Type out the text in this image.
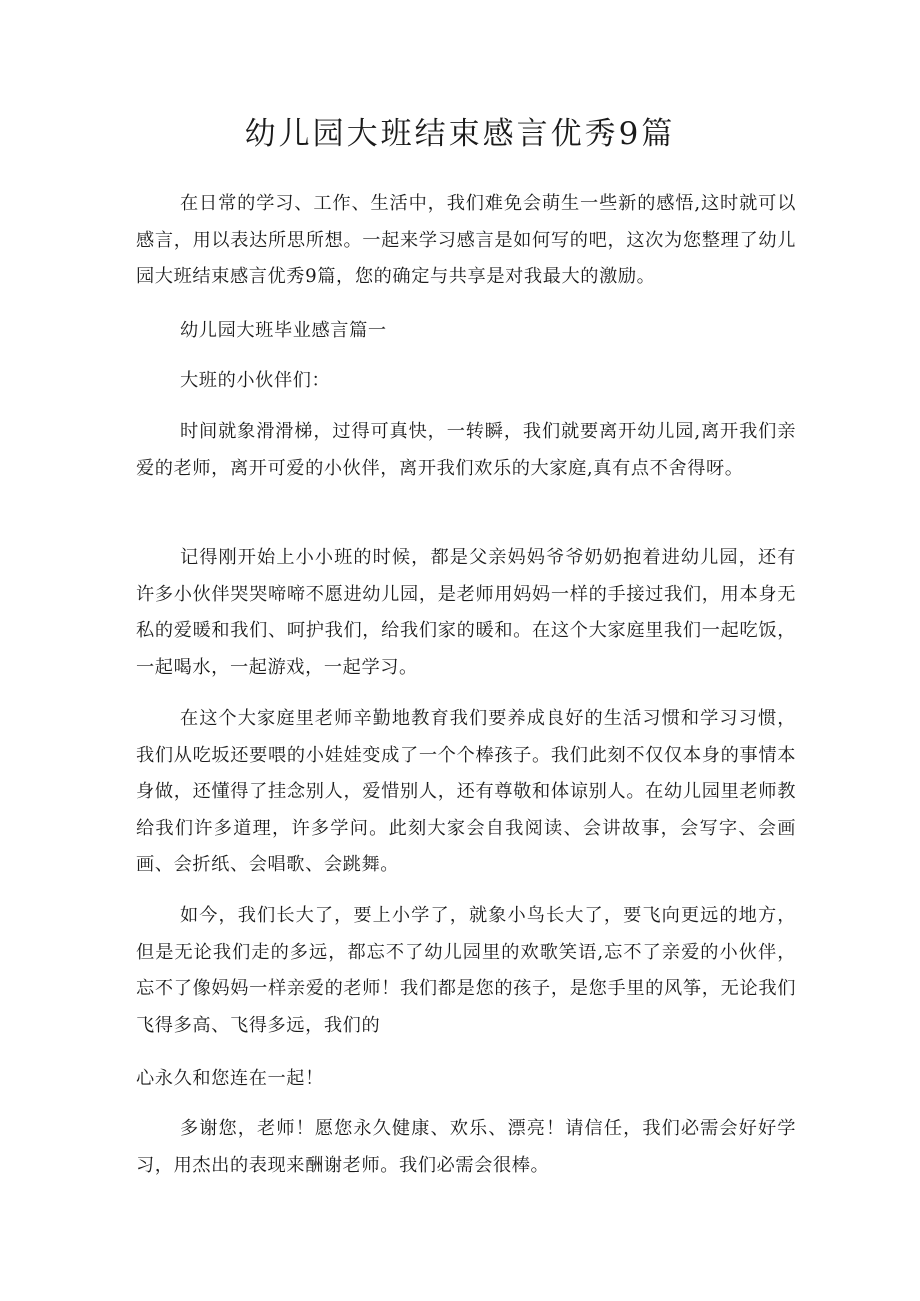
幼儿园大班结束感言优秀9篇

在日常的学习、工作、生活中，我们难免会萌生一些新的感悟,这时就可以感言，用以表达所思所想。一起来学习感言是如何写的吧，这次为您整理了幼儿园大班结束感言优秀9篇，您的确定与共享是对我最大的激励。

幼儿园大班毕业感言篇一

大班的小伙伴们：

时间就象滑滑梯，过得可真快，一转瞬，我们就要离开幼儿园,离开我们亲爱的老师，离开可爱的小伙伴，离开我们欢乐的大家庭,真有点不舍得呀。

记得刚开始上小小班的时候，都是父亲妈妈爷爷奶奶抱着进幼儿园，还有许多小伙伴哭哭啼啼不愿进幼儿园，是老师用妈妈一样的手接过我们，用本身无私的爱暖和我们、呵护我们，给我们家的暖和。在这个大家庭里我们一起吃饭，一起喝水，一起游戏，一起学习。

在这个大家庭里老师辛勤地教育我们要养成良好的生活习惯和学习习惯，我们从吃坂还要喂的小娃娃变成了一个个棒孩子。我们此刻不仅仅本身的事情本身做，还懂得了挂念别人，爱惜别人，还有尊敬和体谅别人。在幼儿园里老师教给我们许多道理，许多学问。此刻大家会自我阅读、会讲故事，会写字、会画画、会折纸、会唱歌、会跳舞。

如今，我们长大了，要上小学了，就象小鸟长大了，要飞向更远的地方，但是无论我们走的多远，都忘不了幼儿园里的欢歌笑语,忘不了亲爱的小伙伴，忘不了像妈妈一样亲爱的老师！我们都是您的孩子，是您手里的风筝，无论我们飞得多高、飞得多远，我们的

心永久和您连在一起！

多谢您，老师！愿您永久健康、欢乐、漂亮！请信任，我们必需会好好学习，用杰出的表现来酬谢老师。我们必需会很棒。
